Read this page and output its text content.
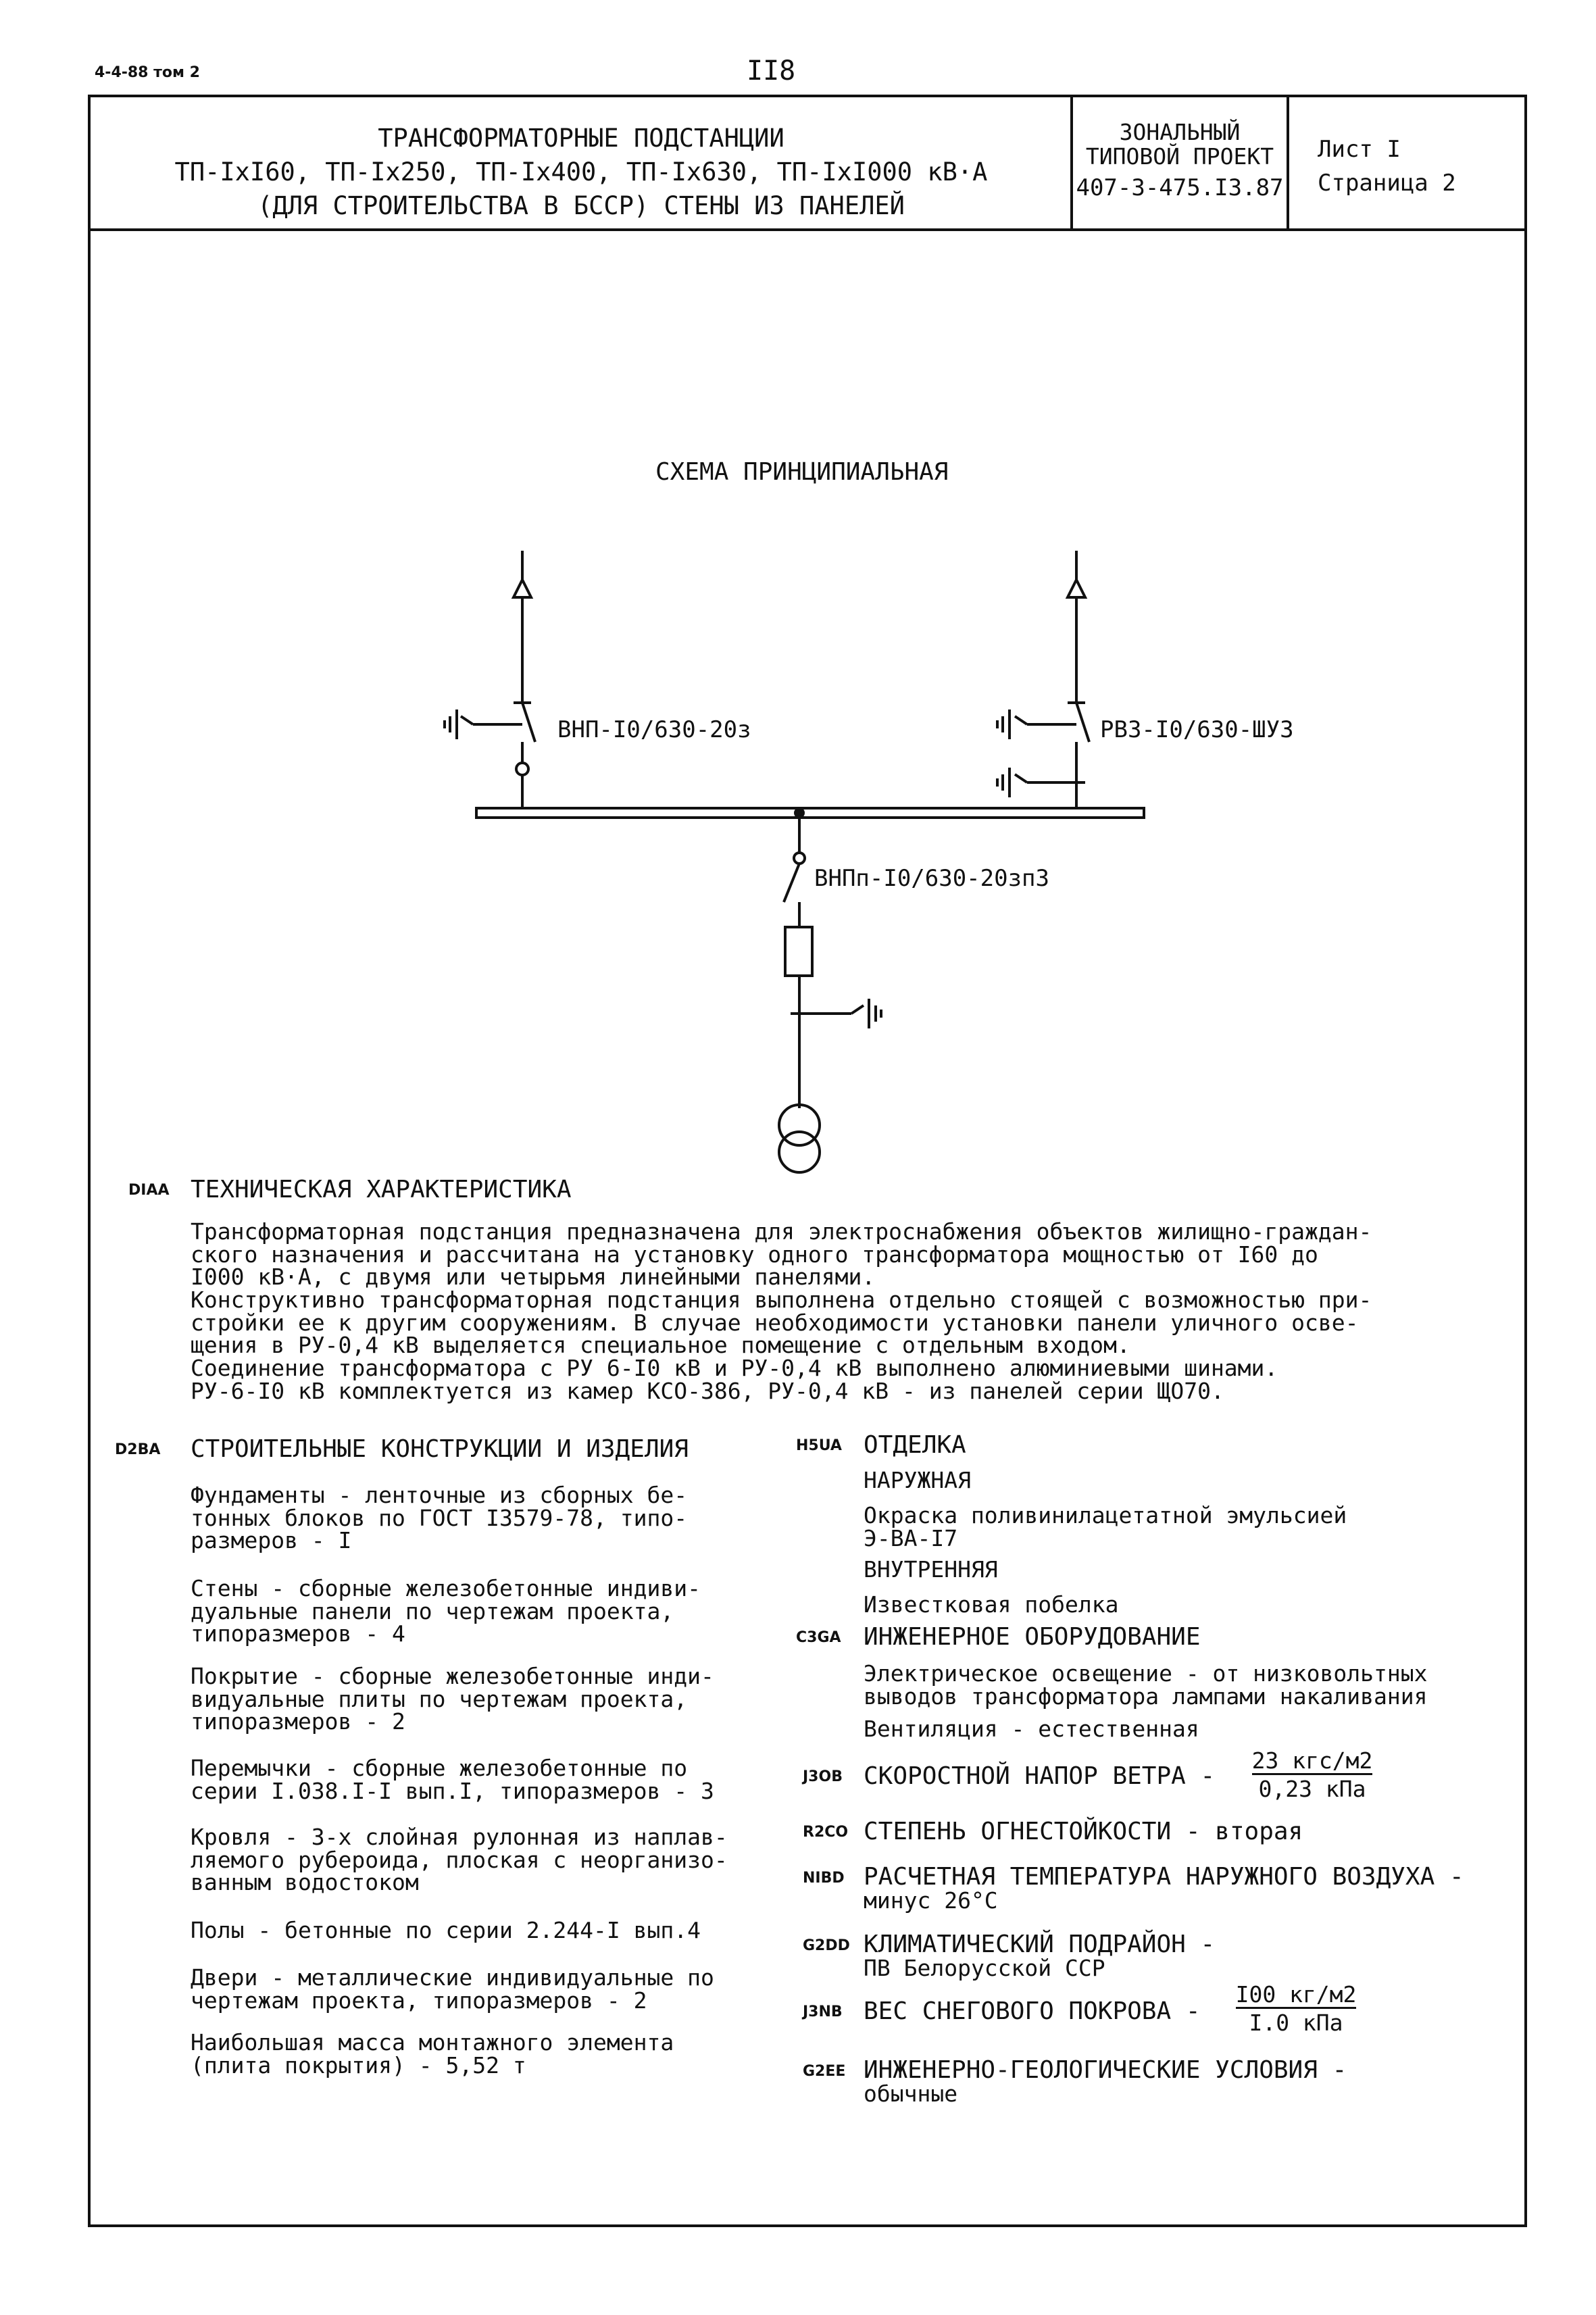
4-4-88 том 2	II8
ТРАНСФОРМАТОРНЫЕ ПОДСТАНЦИИ
ТП-IxI60, ТП-Ix250, ТП-Ix400, ТП-Ix630, ТП-IxI000 кВ·А
(ДЛЯ СТРОИТЕЛЬСТВА В БССР) СТЕНЫ ИЗ ПАНЕЛЕЙ
ЗОНАЛЬНЫЙ
ТИПОВОЙ ПРОЕКТ
407-3-475.I3.87
Лист I
Страница 2
СХЕМА ПРИНЦИПИАЛЬНАЯ
ВНП-I0/630-20з	РВЗ-I0/630-ШУЗ
ВНПп-I0/630-20зпЗ
DIAA ТЕХНИЧЕСКАЯ ХАРАКТЕРИСТИКА
Трансформаторная подстанция предназначена для электроснабжения объектов жилищно-граждан-
ского назначения и рассчитана на установку одного трансформатора мощностью от I60 до
I000 кВ·А, с двумя или четырьмя линейными панелями.
Конструктивно трансформаторная подстанция выполнена отдельно стоящей с возможностью при-
стройки ее к другим сооружениям. В случае необходимости установки панели уличного осве-
щения в РУ-0,4 кВ выделяется специальное помещение с отдельным входом.
Соединение трансформатора с РУ 6-I0 кВ и РУ-0,4 кВ выполнено алюминиевыми шинами.
РУ-6-I0 кВ комплектуется из камер КСО-386, РУ-0,4 кВ - из панелей серии ЩО70.
D2BA СТРОИТЕЛЬНЫЕ КОНСТРУКЦИИ И ИЗДЕЛИЯ
Фундаменты - ленточные из сборных бе-
тонных блоков по ГОСТ I3579-78, типо-
размеров - I
Стены - сборные железобетонные индиви-
дуальные панели по чертежам проекта,
типоразмеров - 4
Покрытие - сборные железобетонные инди-
видуальные плиты по чертежам проекта,
типоразмеров - 2
Перемычки - сборные железобетонные по
серии I.038.I-I вып.I, типоразмеров - 3
Кровля - 3-х слойная рулонная из наплав-
ляемого рубероида, плоская с неорганизо-
ванным водостоком
Полы - бетонные по серии 2.244-I вып.4
Двери - металлические индивидуальные по
чертежам проекта, типоразмеров - 2
Наибольшая масса монтажного элемента
(плита покрытия) - 5,52 т
H5UA ОТДЕЛКА
НАРУЖНАЯ
Окраска поливинилацетатной эмульсией
Э-ВА-I7
ВНУТРЕННЯЯ
Известковая побелка
C3GA ИНЖЕНЕРНОЕ ОБОРУДОВАНИЕ
Электрическое освещение - от низковольтных
выводов трансформатора лампами накаливания
Вентиляция - естественная
J3OB СКОРОСТНОЙ НАПОР ВЕТРА -
23 кгс/м2
0,23 кПа
R2CO СТЕПЕНЬ ОГНЕСТОЙКОСТИ - вторая
NIBD РАСЧЕТНАЯ ТЕМПЕРАТУРА НАРУЖНОГО ВОЗДУХА -
минус 26°С
G2DD КЛИМАТИЧЕСКИЙ ПОДРАЙОН -
ПВ Белорусской ССР
J3NB ВЕС СНЕГОВОГО ПОКРОВА -
I00 кг/м2
I.0 кПа
G2EE ИНЖЕНЕРНО-ГЕОЛОГИЧЕСКИЕ УСЛОВИЯ -
обычные
